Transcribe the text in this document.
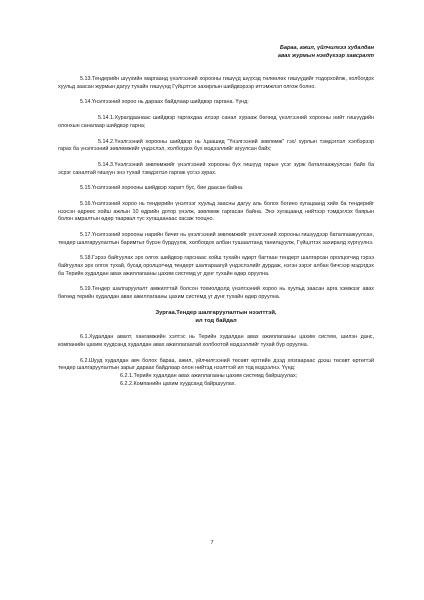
Бараа, ажил, үйлчилгээ худалдан
авах журмын нэгдүгээр хавсралт

5.13.Тендерийн шүүхийн маргаанд үнэлгээний хорооны гишүүд шүүхэд төлөөлөх гишүүдийг тодорхойлж, холбогдох хуульд заасан журмын дагуу тухайн гишүүнд Гүйцэтгэх захирлын шийдвэрээр итгэмжлэл олгож болно.

5.14.Үнэлгээний хороо нь дараах байдлаар шийдвэр гаргана. Үүнд:

5.14.1.Хуралдаанаас шийдвэр гаргахдаа илээр санал хурааж бөгөөд үнэлгээний хорооны нийт гишүүдийн олонхын саналаар шийдвэр гарна;

5.14.2.Үнэлгээний хорооны шийдвэр нь /цаашид "Үнэлгээний зөвлөмж" гэх/ хурлын тэмдэглэл хэлбэрээр гарах ба үнэлгээний зөвлөмжийг үндэслэл, холбогдох бүх мэдээллийг агуулсан байх;

5.14.3.Үнэлгээний зөвлөмжийг үнэлгээний хорооны бүх гишүүд гарын үсэг зурж баталгаажуулсан байх ба эсрэг саналтай гишүүн энэ тухай тэмдэглэл гаргаж үсгээ зурах.

5.15.Үнэлгээний хорооны шийдвэр харагт бус, бие даасан байна.

5.16.Үнэлгээний хороо нь тендерийн үнэлгээг хуульд заасны дагуу аль болох богино хугацаанд хийх ба тендерийг нээсэн өдрөөс хойш ажлын 10 өдрийн дотор үнэлж, зөвлөмж гаргасан байна. Энэ хугацаанд нийтээр тэмдэглэх баярын болон амралтын өдөр таарвал тус хугацаанаас хасаж тооцно.

5.17.Үнэлгээний хорооны нарийн бичиг нь үнэлгээний зөвлөмжийг үнэлгээний хорооны гишүүдээр баталгаажуулсан, тендер шалгаруулалтын баримтыг бүрэн бүрдүүлж, холбогдох албан тушаалтанд танилцуулж, Гүйцэтгэх захиралд хүргүүлнэ.

5.18.Гэрээ байгуулах эрх олгох шийдвэр гарснаас хойш тухайн өдөрт багтаан тендерт шалгарсан оролцогчид гэрээ байгуулах эрх олгох тухай, бусад оролцогчид тендерт шалгараагүй үндэслэлийг дурдаж, нэгэн зэрэг албан бичгээр мэдэгдэх ба Терийн худалдан авах ажиллагааны цахим системд уг дүнг тухайн өдөр оруулна.

5.19.Тендер шалгаруулалт амжилттай болсон тохиолдолд үнэлгээний хороо нь хуульд заасан арга хэмжээг авах бөгөөд терийн худалдан авах ажиллагааны цахим системд уг дүнг тухайн өдөр оруулна.

Зургаа.Тендер шалгаруулалтын нээлттэй,
ил тод байдал

6.1.Худалдан авалт, хангамжийн хэлтэс нь Терийн худалдан авах ажиллагааны цахим систем, шилэн данс, компанийн цахим хуудсанд худалдан авах ажиллагаатай холбоотой мэдээллийг тухай бүр оруулна.

6.2.Шууд худалдан авч болох бараа, ажил, үйлчилгээний төсөвт өртгийн дээд хязгаараас дээш төсөвт өртөгтэй тендер шалгаруулалтын зарыг дараах байдлаар олон нийтэд нээлттэй ил тод мэдээлнэ. Үүнд:

6.2.1.Терийн худалдан авах ажиллагааны цахим системд байршуулах;
6.2.2.Компанийн цахим хуудсанд байршуулах.
7
